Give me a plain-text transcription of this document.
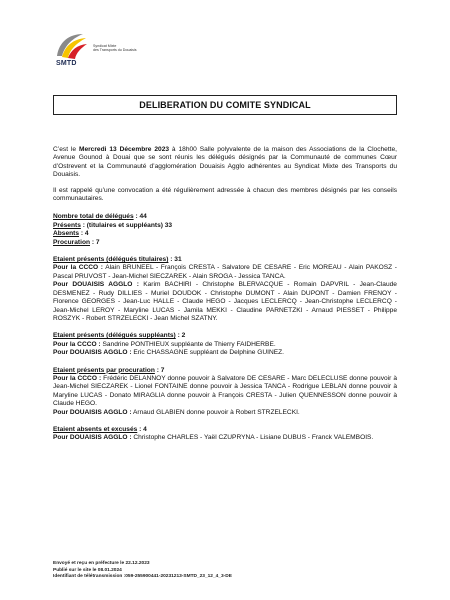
SMTD
Syndicat Mixte
des Transports du Douaisis
DELIBERATION DU COMITE SYNDICAL

C’est le Mercredi 13 Décembre 2023 à 18h00 Salle polyvalente de la maison des Associations de la Clochette, Avenue Gounod à Douai que se sont réunis les délégués désignés par la Communauté de communes Cœur d’Ostrevent et la Communauté d’agglomération Douaisis Agglo adhérentes au Syndicat Mixte des Transports du Douaisis.

Il est rappelé qu’une convocation a été régulièrement adressée à chacun des membres désignés par les conseils communautaires.

Nombre total de délégués : 44

Présents : (titulaires et suppléants) 33

Absents : 4

Procuration : 7

Etaient présents (délégués titulaires) : 31

Pour la CCCO : Alain BRUNEEL - François CRESTA - Salvatore DE CESARE - Eric MOREAU - Alain PAKOSZ - Pascal PRUVOST - Jean-Michel SIECZAREK - Alain SROGA - Jessica TANCA.

Pour DOUAISIS AGGLO : Karim BACHIRI - Christophe BLERVACQUE - Romain DAPVRIL - Jean-Claude DESMENEZ - Rudy DILLIES - Muriel DOUDOK - Christophe DUMONT - Alain DUPONT - Damien FRENOY - Florence GEORGES - Jean-Luc HALLE - Claude HEGO - Jacques LECLERCQ - Jean-Christophe LECLERCQ - Jean-Michel LEROY - Maryline LUCAS - Jamila MEKKI - Claudine PARNETZKI - Arnaud PIESSET - Philippe ROSZYK - Robert STRZELECKI - Jean Michel SZATNY.

Etaient présents (délégués suppléants) : 2

Pour la CCCO : Sandrine PONTHIEUX suppléante de Thierry FAIDHERBE.

Pour DOUAISIS AGGLO : Eric CHASSAGNE suppléant de Delphine GUINEZ.

Etaient présents par procuration : 7

Pour la CCCO : Frédéric DELANNOY donne pouvoir à Salvatore DE CESARE - Marc DELECLUSE donne pouvoir à Jean-Michel SIECZAREK - Lionel FONTAINE donne pouvoir à Jessica TANCA - Rodrigue LEBLAN donne pouvoir à Maryline LUCAS - Donato MIRAGLIA donne pouvoir à François CRESTA - Julien QUENNESSON donne pouvoir à Claude HEGO.

Pour DOUAISIS AGGLO : Arnaud GLABIEN donne pouvoir à Robert STRZELECKI.

Etaient absents et excusés : 4

Pour DOUAISIS AGGLO : Christophe CHARLES - Yaël CZUPRYNA - Lisiane DUBUS - Franck VALEMBOIS.

Envoyé et reçu en préfecture le 22.12.2023
Publié sur le site le 08.01.2024
Identifiant de télétransmission :059-255900441-20231213-SMTD_23_12_4_3-DE
